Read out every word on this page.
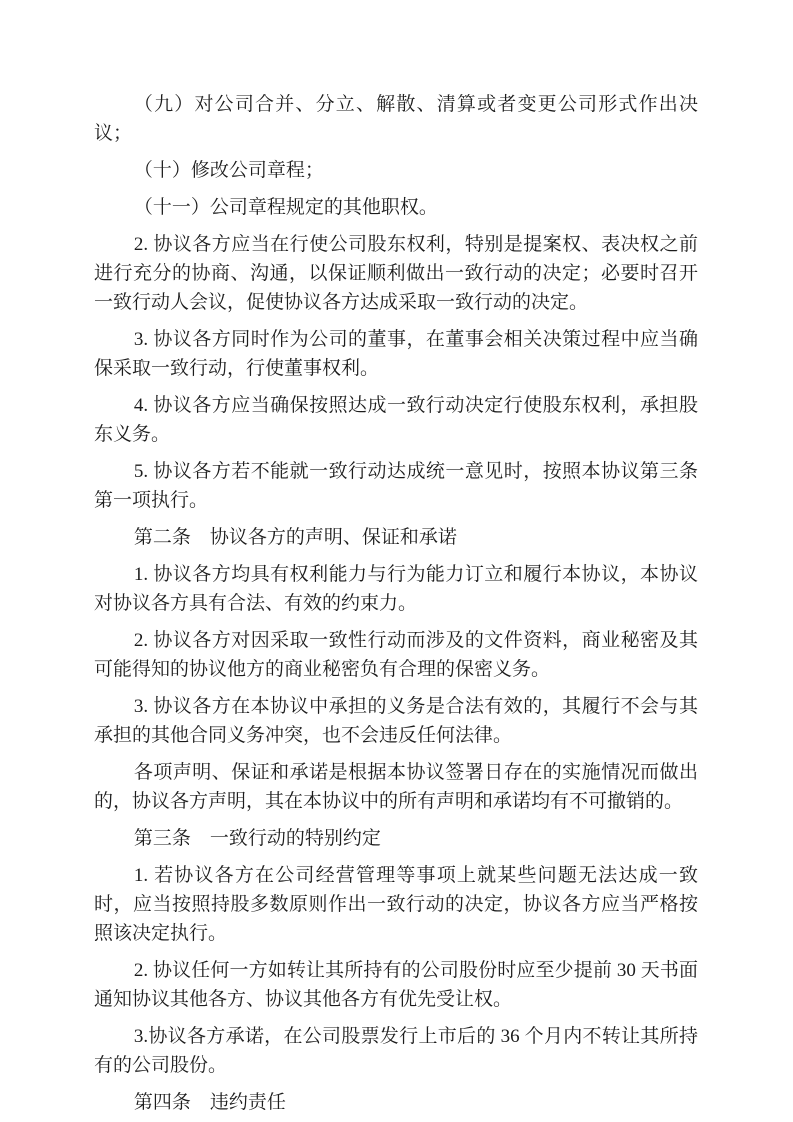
（九）对公司合并、分立、解散、清算或者变更公司形式作出决议；

（十）修改公司章程；

（十一）公司章程规定的其他职权。

2. 协议各方应当在行使公司股东权利，特别是提案权、表决权之前进行充分的协商、沟通，以保证顺利做出一致行动的决定；必要时召开一致行动人会议，促使协议各方达成采取一致行动的决定。

3. 协议各方同时作为公司的董事，在董事会相关决策过程中应当确保采取一致行动，行使董事权利。

4. 协议各方应当确保按照达成一致行动决定行使股东权利，承担股东义务。

5. 协议各方若不能就一致行动达成统一意见时，按照本协议第三条第一项执行。

第二条　协议各方的声明、保证和承诺

1. 协议各方均具有权利能力与行为能力订立和履行本协议，本协议对协议各方具有合法、有效的约束力。

2. 协议各方对因采取一致性行动而涉及的文件资料，商业秘密及其可能得知的协议他方的商业秘密负有合理的保密义务。

3. 协议各方在本协议中承担的义务是合法有效的，其履行不会与其承担的其他合同义务冲突，也不会违反任何法律。

各项声明、保证和承诺是根据本协议签署日存在的实施情况而做出的，协议各方声明，其在本协议中的所有声明和承诺均有不可撤销的。

第三条　一致行动的特别约定

1. 若协议各方在公司经营管理等事项上就某些问题无法达成一致时，应当按照持股多数原则作出一致行动的决定，协议各方应当严格按照该决定执行。

2. 协议任何一方如转让其所持有的公司股份时应至少提前 30 天书面通知协议其他各方、协议其他各方有优先受让权。

3.协议各方承诺，在公司股票发行上市后的 36 个月内不转让其所持有的公司股份。

第四条　违约责任
